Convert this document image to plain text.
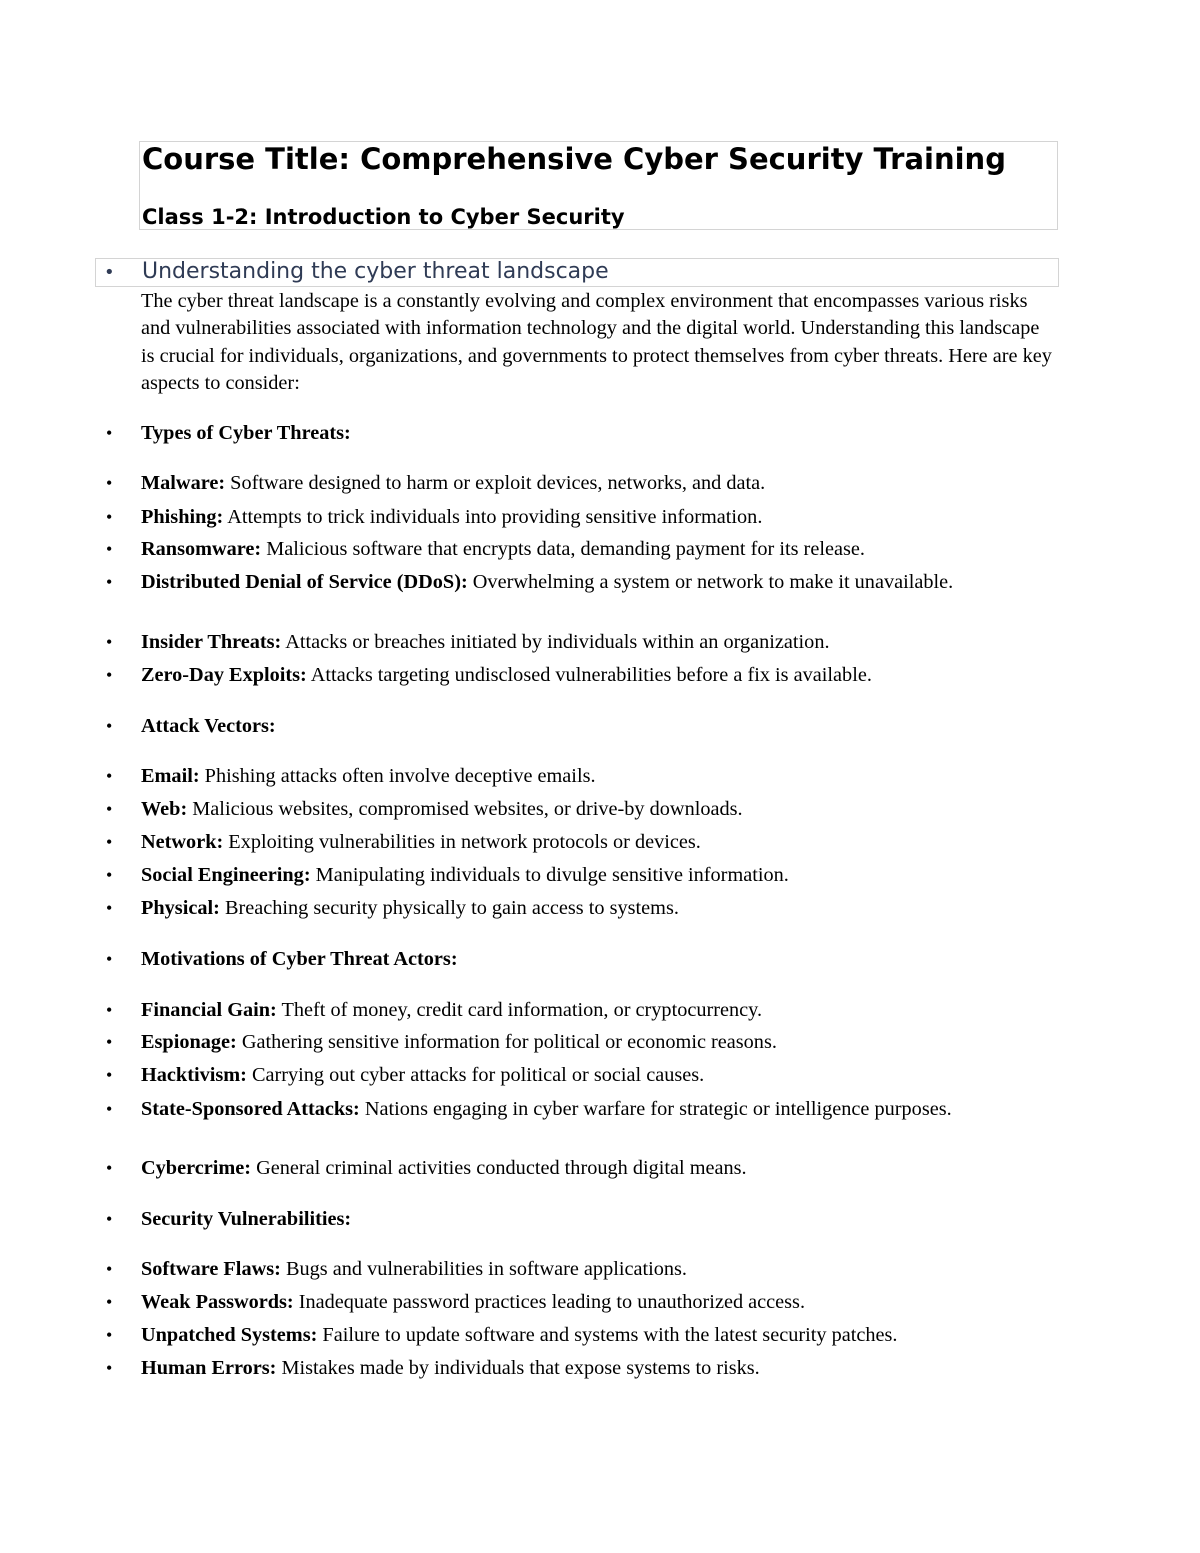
Course Title: Comprehensive Cyber Security Training
Class 1-2: Introduction to Cyber Security
• Understanding the cyber threat landscape

The cyber threat landscape is a constantly evolving and complex environment that encompasses various risks and vulnerabilities associated with information technology and the digital world. Understanding this landscape is crucial for individuals, organizations, and governments to protect themselves from cyber threats. Here are key aspects to consider:

• Types of Cyber Threats:
• Malware: Software designed to harm or exploit devices, networks, and data.
• Phishing: Attempts to trick individuals into providing sensitive information.
• Ransomware: Malicious software that encrypts data, demanding payment for its release.
• Distributed Denial of Service (DDoS): Overwhelming a system or network to make it unavailable.
• Insider Threats: Attacks or breaches initiated by individuals within an organization.
• Zero-Day Exploits: Attacks targeting undisclosed vulnerabilities before a fix is available.
• Attack Vectors:
• Email: Phishing attacks often involve deceptive emails.
• Web: Malicious websites, compromised websites, or drive-by downloads.
• Network: Exploiting vulnerabilities in network protocols or devices.
• Social Engineering: Manipulating individuals to divulge sensitive information.
• Physical: Breaching security physically to gain access to systems.
• Motivations of Cyber Threat Actors:
• Financial Gain: Theft of money, credit card information, or cryptocurrency.
• Espionage: Gathering sensitive information for political or economic reasons.
• Hacktivism: Carrying out cyber attacks for political or social causes.
• State-Sponsored Attacks: Nations engaging in cyber warfare for strategic or intelligence purposes.
• Cybercrime: General criminal activities conducted through digital means.
• Security Vulnerabilities:
• Software Flaws: Bugs and vulnerabilities in software applications.
• Weak Passwords: Inadequate password practices leading to unauthorized access.
• Unpatched Systems: Failure to update software and systems with the latest security patches.
• Human Errors: Mistakes made by individuals that expose systems to risks.
